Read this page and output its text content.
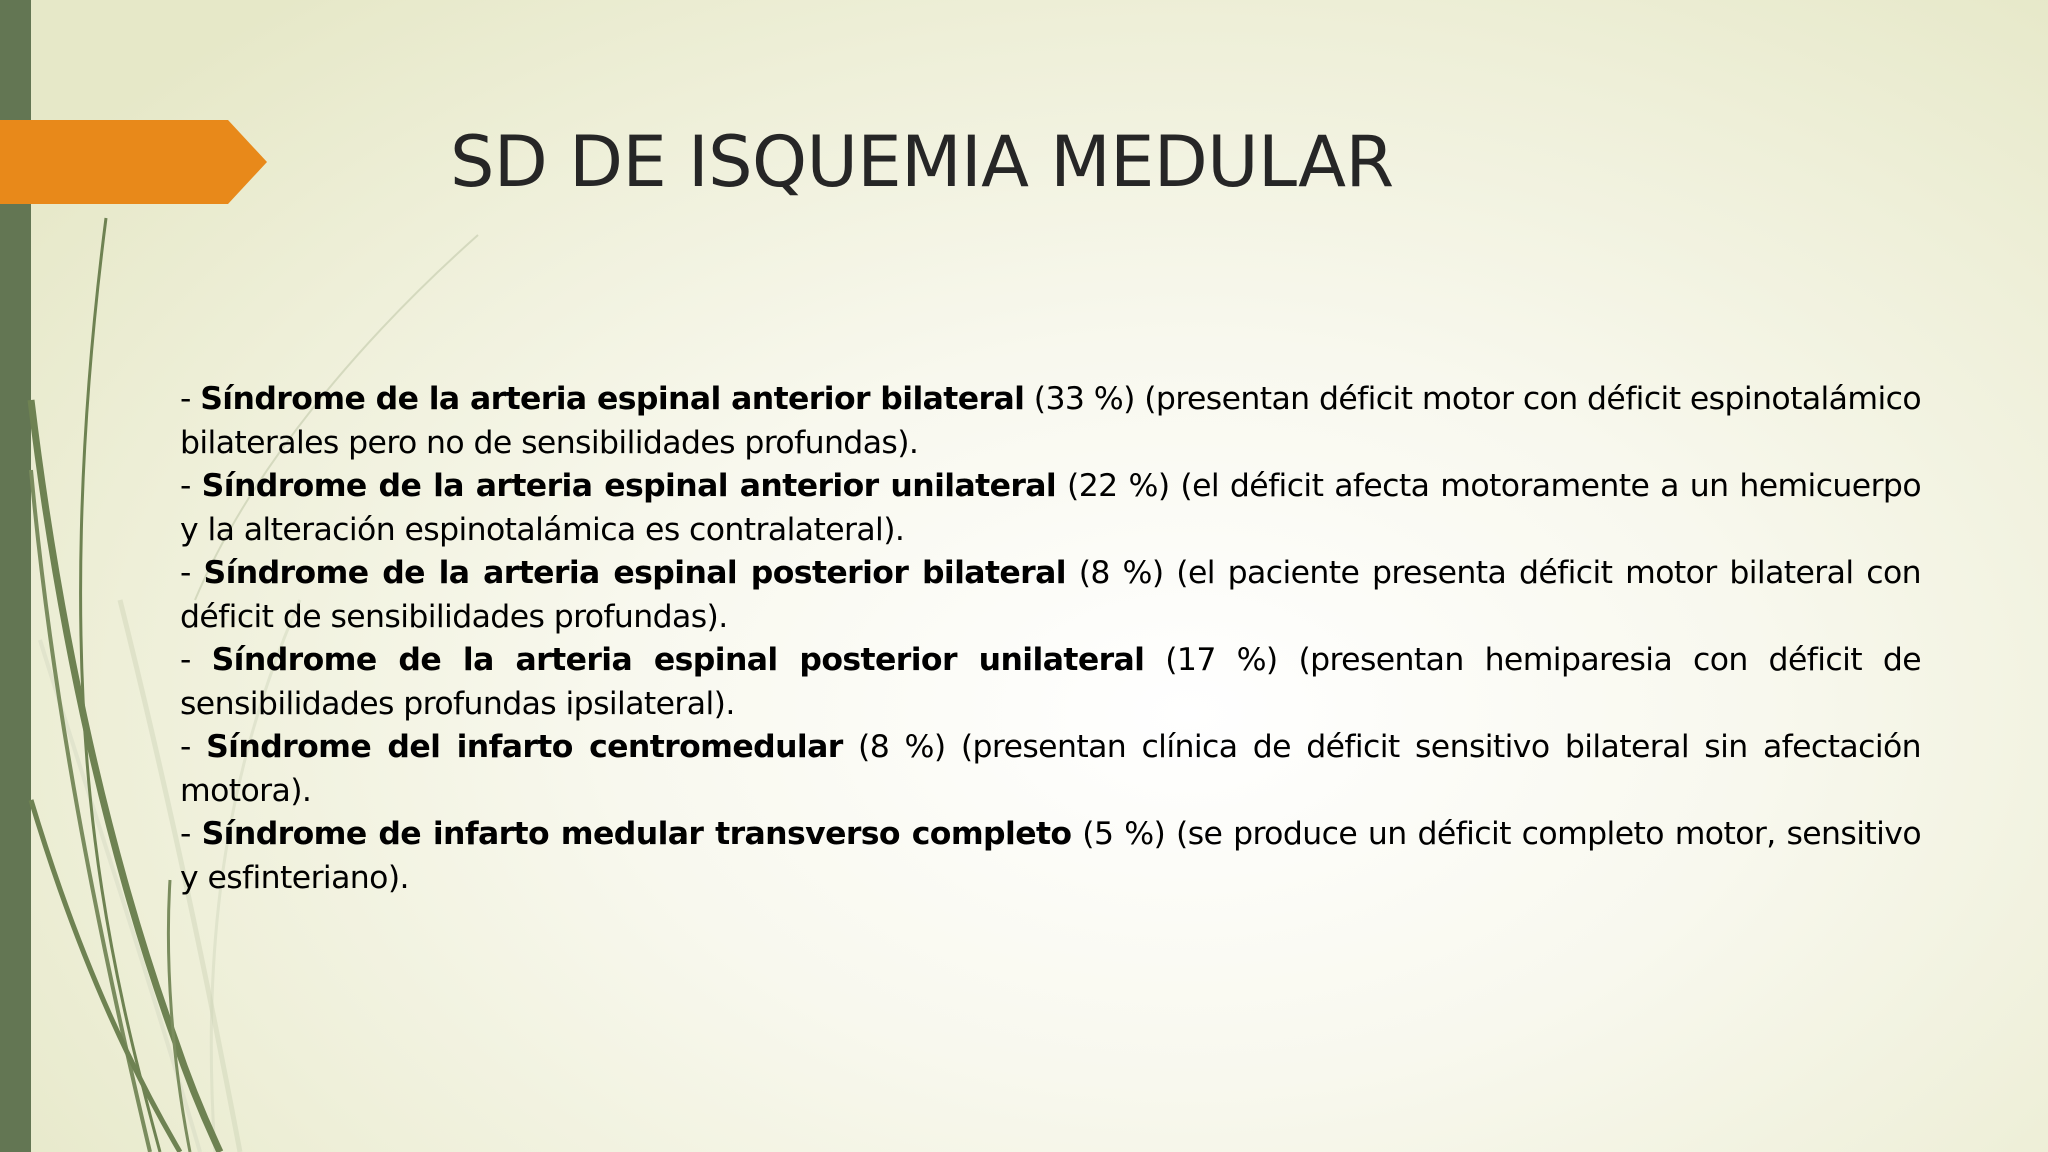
SD DE ISQUEMIA MEDULAR

- Síndrome de la arteria espinal anterior bilateral (33 %) (presentan déficit motor con déficit espinotalámico bilaterales pero no de sensibilidades profundas).

- Síndrome de la arteria espinal anterior unilateral (22 %) (el déficit afecta motoramente a un hemicuerpo y la alteración espinotalámica es contralateral).

- Síndrome de la arteria espinal posterior bilateral (8 %) (el paciente presenta déficit motor bilateral con déficit de sensibilidades profundas).

- Síndrome de la arteria espinal posterior unilateral (17 %) (presentan hemiparesia con déficit de sensibilidades profundas ipsilateral).

- Síndrome del infarto centromedular (8 %) (presentan clínica de déficit sensitivo bilateral sin afectación motora).

- Síndrome de infarto medular transverso completo (5 %) (se produce un déficit completo motor, sensitivo y esfinteriano).
